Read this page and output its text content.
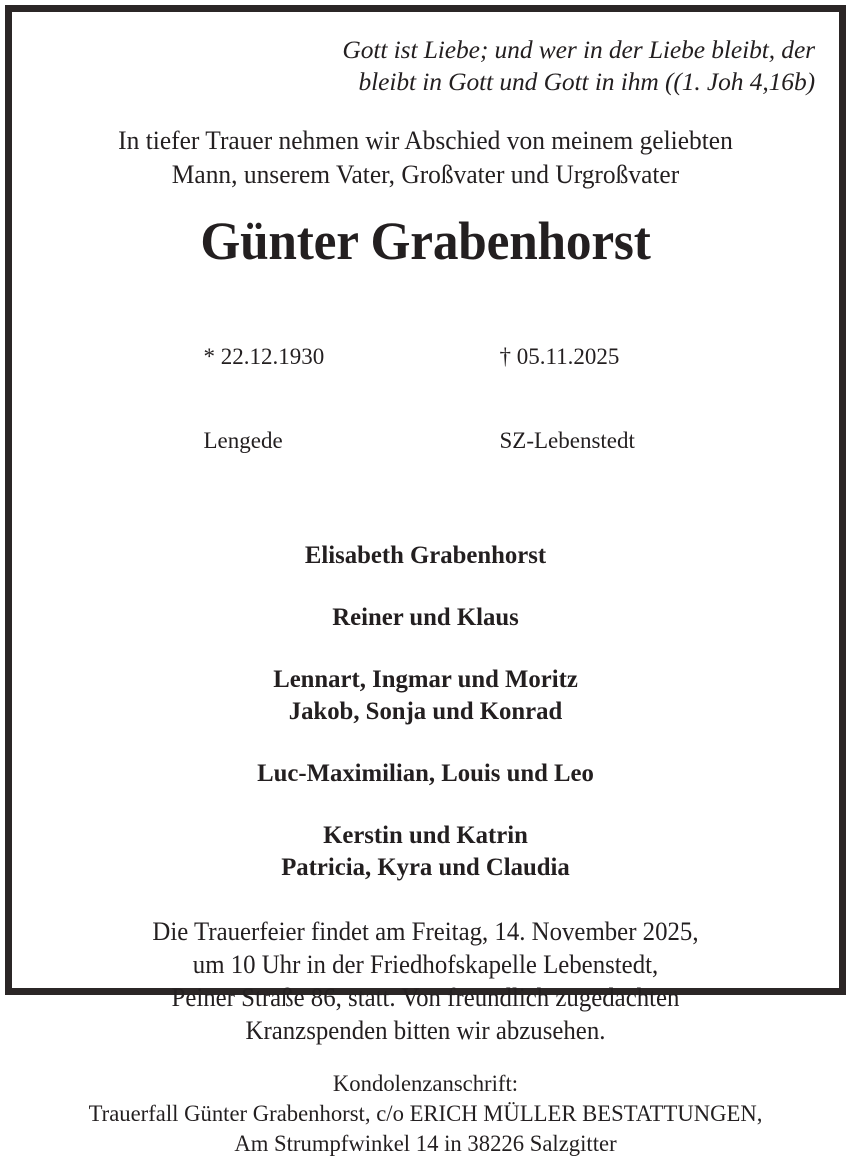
Gott ist Liebe; und wer in der Liebe bleibt, der
bleibt in Gott und Gott in ihm ((1. Joh 4,16b)
In tiefer Trauer nehmen wir Abschied von meinem geliebten
Mann, unserem Vater, Großvater und Urgroßvater
Günter Grabenhorst

* 22.12.1930

Lengede

† 05.11.2025

SZ-Lebenstedt

Elisabeth Grabenhorst
Reiner und Klaus
Lennart, Ingmar und Moritz
Jakob, Sonja und Konrad
Luc-Maximilian, Louis und Leo
Kerstin und Katrin
Patricia, Kyra und Claudia
Die Trauerfeier findet am Freitag, 14. November 2025,
um 10 Uhr in der Friedhofskapelle Lebenstedt,
Peiner Straße 86, statt. Von freundlich zugedachten
Kranzspenden bitten wir abzusehen.
Kondolenzanschrift:
Trauerfall Günter Grabenhorst, c/o ERICH MÜLLER BESTATTUNGEN,
Am Strumpfwinkel 14 in 38226 Salzgitter
